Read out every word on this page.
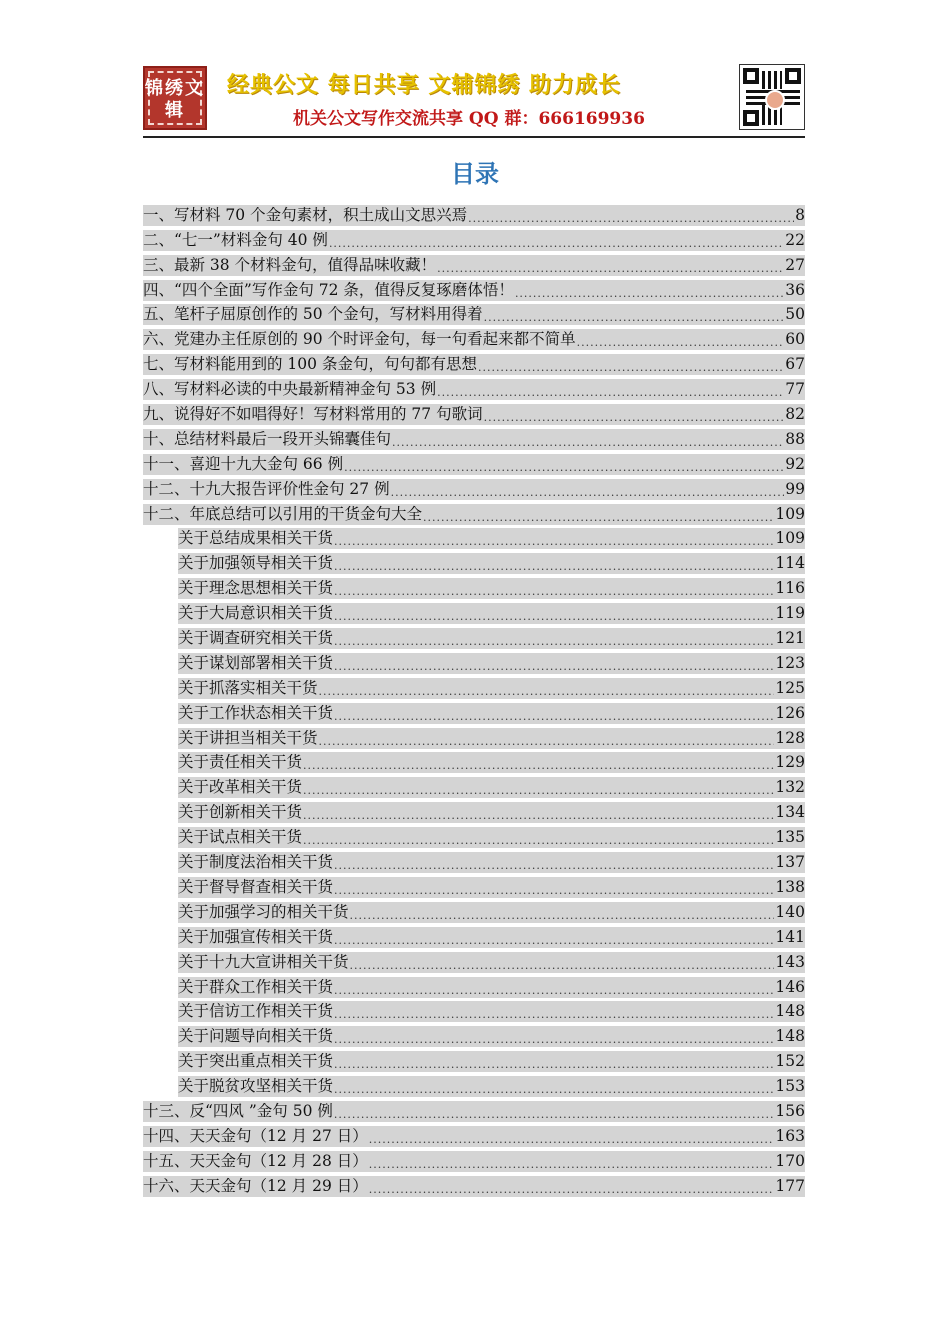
锦绣文辑
经典公文 每日共享 文辅锦绣 助力成长
机关公文写作交流共享 QQ 群：666169936
目录
一、写材料 70 个金句素材，积土成山文思兴焉 .....	8
二、“七一”材料金句 40 例 .....	22
三、最新 38 个材料金句，值得品味收藏！ .....	27
四、“四个全面”写作金句 72 条，值得反复琢磨体悟！ .....	36
五、笔杆子屈原创作的 50 个金句，写材料用得着 .....	50
六、党建办主任原创的 90 个时评金句，每一句看起来都不简单 .....	60
七、写材料能用到的 100 条金句，句句都有思想 .....	67
八、写材料必读的中央最新精神金句 53 例 .....	77
九、说得好不如唱得好！写材料常用的 77 句歌词 .....	82
十、总结材料最后一段开头锦囊佳句 .....	88
十一、喜迎十九大金句 66 例 .....	92
十二、十九大报告评价性金句 27 例 .....	99
十二、年底总结可以引用的干货金句大全 .....	109
关于总结成果相关干货 .....	109
关于加强领导相关干货 .....	114
关于理念思想相关干货 .....	116
关于大局意识相关干货 .....	119
关于调查研究相关干货 .....	121
关于谋划部署相关干货 .....	123
关于抓落实相关干货 .....	125
关于工作状态相关干货 .....	126
关于讲担当相关干货 .....	128
关于责任相关干货 .....	129
关于改革相关干货 .....	132
关于创新相关干货 .....	134
关于试点相关干货 .....	135
关于制度法治相关干货 .....	137
关于督导督查相关干货 .....	138
关于加强学习的相关干货 .....	140
关于加强宣传相关干货 .....	141
关于十九大宣讲相关干货 .....	143
关于群众工作相关干货 .....	146
关于信访工作相关干货 .....	148
关于问题导向相关干货 .....	148
关于突出重点相关干货 .....	152
关于脱贫攻坚相关干货 .....	153
十三、反“四风 ”金句 50 例 .....	156
十四、天天金句（12 月 27 日） .....	163
十五、天天金句（12 月 28 日） .....	170
十六、天天金句（12 月 29 日） .....	177
